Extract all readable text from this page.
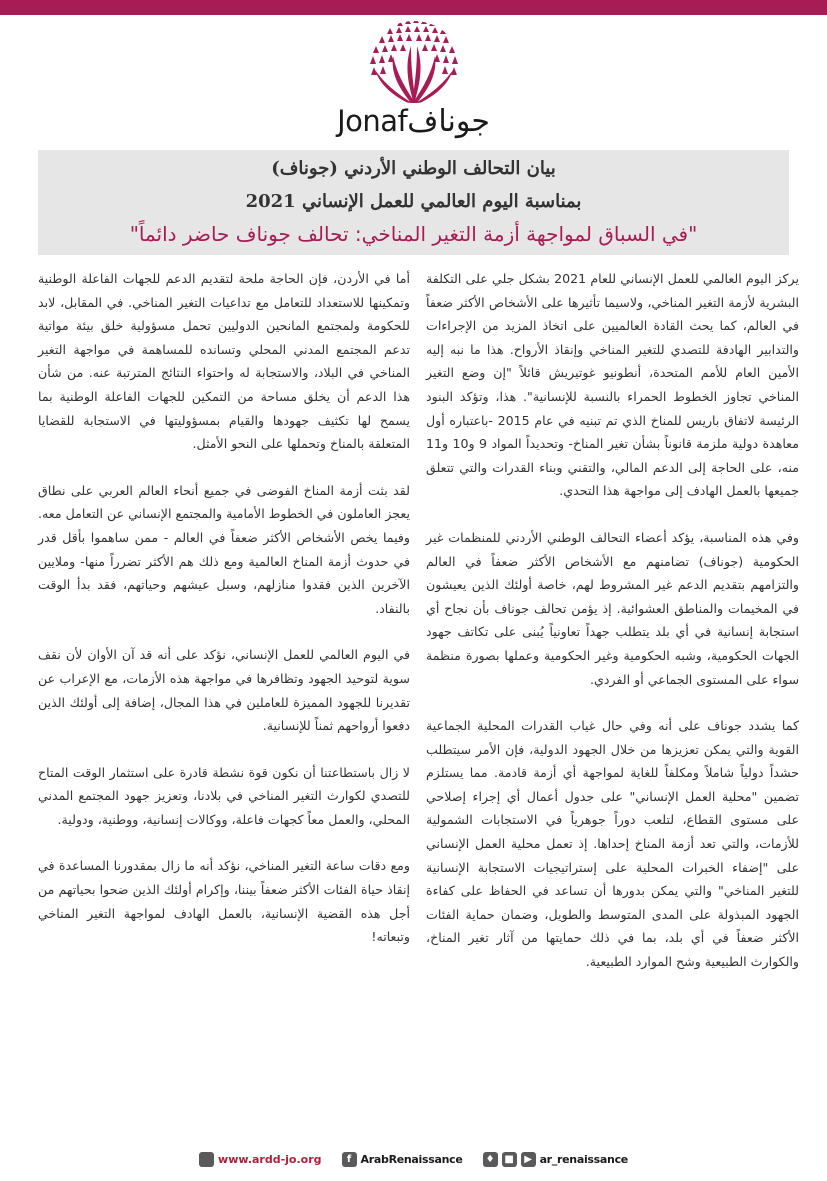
Jonafجوناف
بيان التحالف الوطني الأردني (جوناف)
بمناسبة اليوم العالمي للعمل الإنساني 2021
"في السباق لمواجهة أزمة التغير المناخي: تحالف جوناف حاضر دائماً"

يركز اليوم العالمي للعمل الإنساني للعام 2021 بشكل جلي على التكلفة البشرية لأزمة التغير المناخي، ولاسيما تأثيرها على الأشخاص الأكثر ضعفاً في العالم، كما يحث القادة العالميين على اتخاذ المزيد من الإجراءات والتدابير الهادفة للتصدي للتغير المناخي وإنقاذ الأرواح. هذا ما نبه إليه الأمين العام للأمم المتحدة، أنطونيو غوتيريش قائلاً "إن وضع التغير المناخي تجاوز الخطوط الحمراء بالنسبة للإنسانية". هذا، وتؤكد البنود الرئيسة لاتفاق باريس للمناخ الذي تم تبنيه في عام 2015 -باعتباره أول معاهدة دولية ملزمة قانوناً بشأن تغير المناخ- وتحديداً المواد 9 و10 و11 منه، على الحاجة إلى الدعم المالي، والتقني وبناء القدرات والتي تتعلق جميعها بالعمل الهادف إلى مواجهة هذا التحدي.

وفي هذه المناسبة، يؤكد أعضاء التحالف الوطني الأردني للمنظمات غير الحكومية (جوناف) تضامنهم مع الأشخاص الأكثر ضعفاً في العالم والتزامهم بتقديم الدعم غير المشروط لهم، خاصة أولئك الذين يعيشون في المخيمات والمناطق العشوائية. إذ يؤمن تحالف جوناف بأن نجاح أي استجابة إنسانية في أي بلد يتطلب جهداً تعاونياً يُبنى على تكاتف جهود الجهات الحكومية، وشبه الحكومية وغير الحكومية وعملها بصورة منظمة سواء على المستوى الجماعي أو الفردي.

كما يشدد جوناف على أنه وفي حال غياب القدرات المحلية الجماعية القوية والتي يمكن تعزيزها من خلال الجهود الدولية، فإن الأمر سيتطلب حشداً دولياً شاملاً ومكلفاً للغاية لمواجهة أي أزمة قادمة. مما يستلزم تضمين "محلية العمل الإنساني" على جدول أعمال أي إجراء إصلاحي على مستوى القطاع، لتلعب دوراً جوهرياً في الاستجابات الشمولية للأزمات، والتي تعد أزمة المناخ إحداها. إذ تعمل محلية العمل الإنساني على "إضفاء الخبرات المحلية على إستراتيجيات الاستجابة الإنسانية للتغير المناخي" والتي يمكن بدورها أن تساعد في الحفاظ على كفاءة الجهود المبذولة على المدى المتوسط والطويل، وضمان حماية الفئات الأكثر ضعفاً في أي بلد، بما في ذلك حمايتها من آثار تغير المناخ، والكوارث الطبيعية وشح الموارد الطبيعية.

أما في الأردن، فإن الحاجة ملحة لتقديم الدعم للجهات الفاعلة الوطنية وتمكينها للاستعداد للتعامل مع تداعيات التغير المناخي. في المقابل، لابد للحكومة ولمجتمع المانحين الدوليين تحمل مسؤولية خلق بيئة مواتية تدعم المجتمع المدني المحلي وتسانده للمساهمة في مواجهة التغير المناخي في البلاد، والاستجابة له واحتواء النتائج المترتبة عنه. من شأن هذا الدعم أن يخلق مساحة من التمكين للجهات الفاعلة الوطنية بما يسمح لها تكثيف جهودها والقيام بمسؤوليتها في الاستجابة للقضايا المتعلقة بالمناخ وتحملها على النحو الأمثل.

لقد بثت أزمة المناخ الفوضى في جميع أنحاء العالم العربي على نطاق يعجز العاملون في الخطوط الأمامية والمجتمع الإنساني عن التعامل معه. وفيما يخص الأشخاص الأكثر ضعفاً في العالم - ممن ساهموا بأقل قدر في حدوث أزمة المناخ العالمية ومع ذلك هم الأكثر تضرراً منها- وملايين الآخرين الذين فقدوا منازلهم، وسبل عيشهم وحياتهم، فقد بدأ الوقت بالنفاد.

في اليوم العالمي للعمل الإنساني، نؤكد على أنه قد آن الأوان لأن نقف سوية لتوحيد الجهود وتظافرها في مواجهة هذه الأزمات، مع الإعراب عن تقديرنا للجهود المميزة للعاملين في هذا المجال، إضافة إلى أولئك الذين دفعوا أرواحهم ثمناً للإنسانية.

لا زال باستطاعتنا أن نكون قوة نشطة قادرة على استثمار الوقت المتاح للتصدي لكوارث التغير المناخي في بلادنا، وتعزيز جهود المجتمع المدني المحلي، والعمل معاً كجهات فاعلة، ووكالات إنسانية، ووطنية، ودولية.

ومع دقات ساعة التغير المناخي، نؤكد أنه ما زال بمقدورنا المساعدة في إنقاذ حياة الفئات الأكثر ضعفاً بيننا، وإكرام أولئك الذين ضحوا بحياتهم من أجل هذه القضية الإنسانية، بالعمل الهادف لمواجهة التغير المناخي وتبعاته!

www.ardd-jo.org	f ArabRenaissance	♦ ■	▶ ar_renaissance
